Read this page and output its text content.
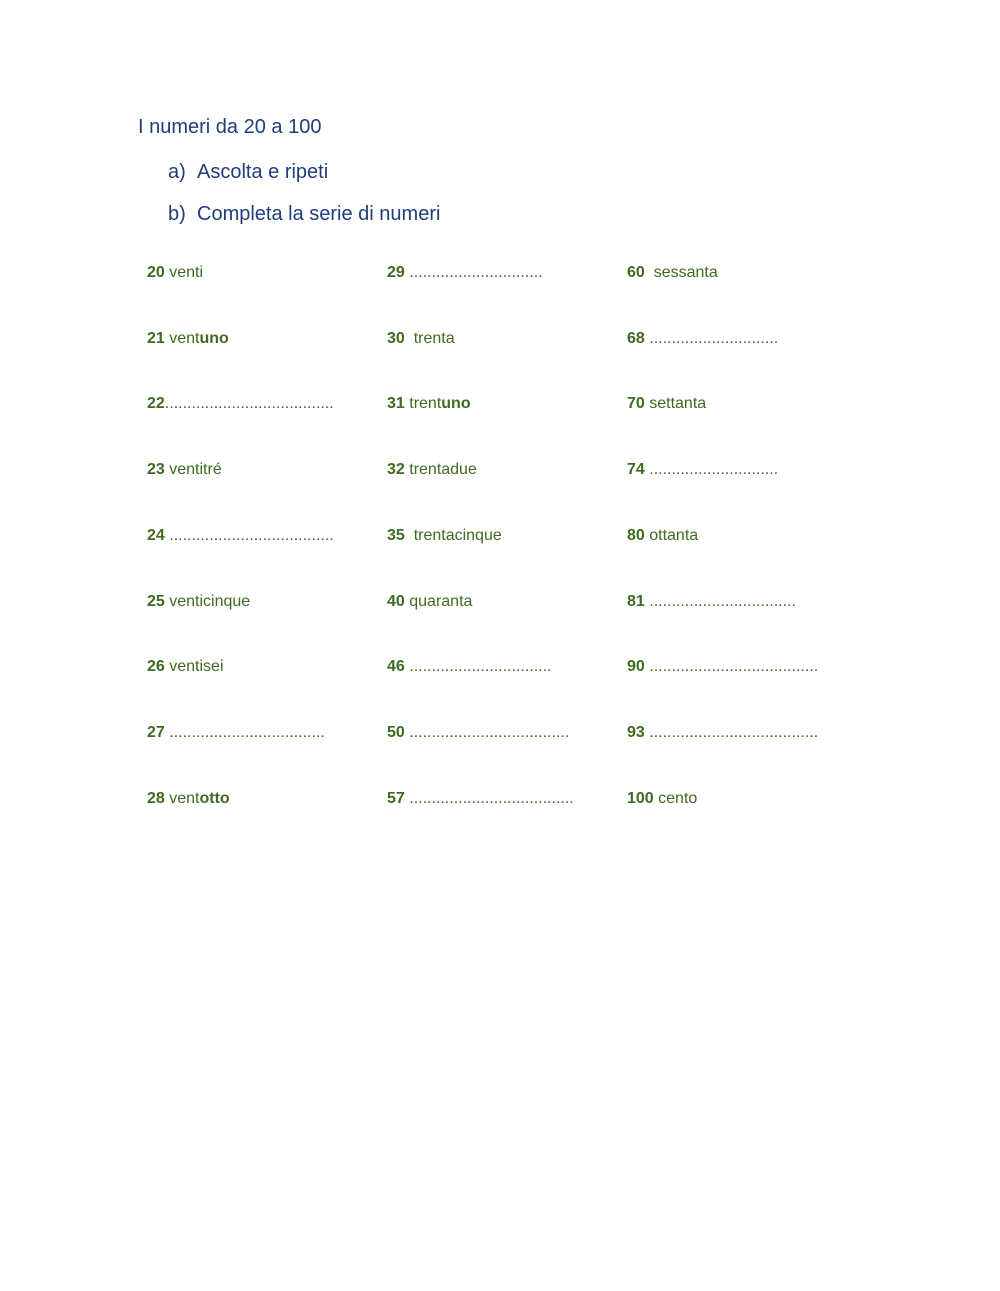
I numeri da 20 a 100
a) Ascolta e ripeti
b) Completa la serie di numeri
20 venti
21 ventuno
22......................................
23 ventitré
24 .....................................
25 venticinque
26 ventisei
27 ...................................
28 ventotto
29 ..............................
30  trenta
31 trentuno
32 trentadue
35  trentacinque
40 quaranta
46 ................................
50 ....................................
57 .....................................
60  sessanta
68 .............................
70 settanta
74 .............................
80 ottanta
81 .................................
90 ......................................
93 ......................................
100 cento
